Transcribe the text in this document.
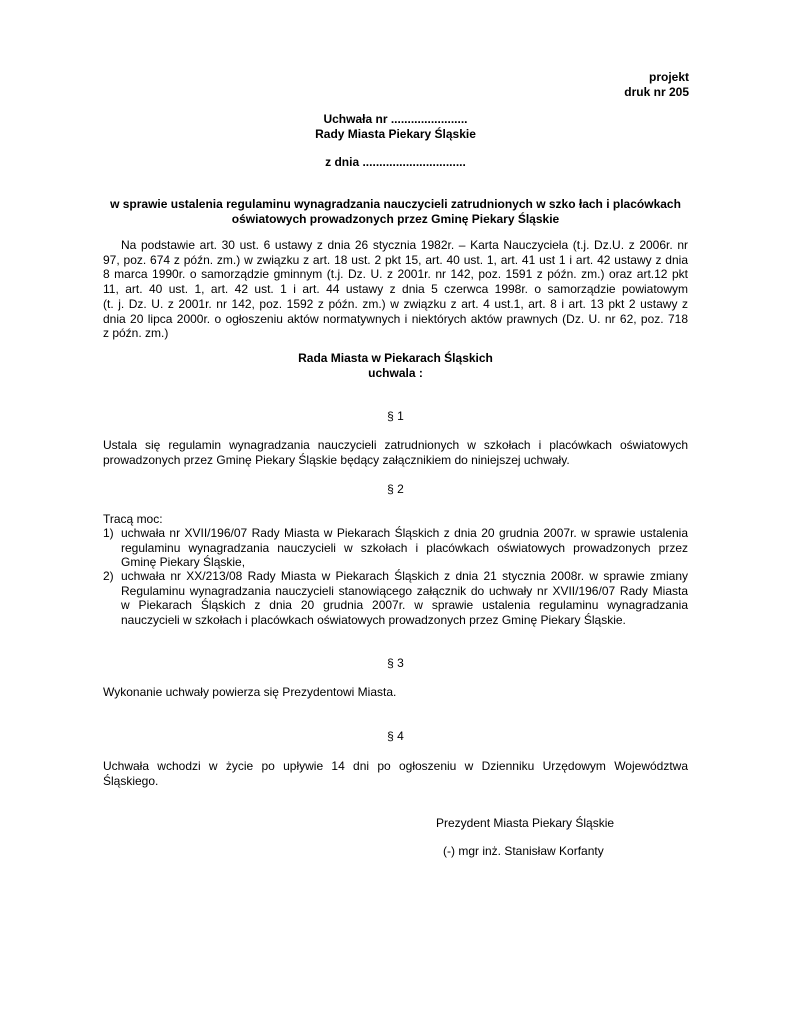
projekt
druk nr 205
Uchwała nr .......................
Rady Miasta Piekary Śląskie
z dnia ...............................
w sprawie ustalenia regulaminu wynagradzania nauczycieli zatrudnionych w szko łach i placówkach
oświatowych prowadzonych przez Gminę Piekary Śląskie
Na podstawie art. 30 ust. 6 ustawy z dnia 26 stycznia 1982r. – Karta Nauczyciela (t.j. Dz.U. z 2006r. nr
97, poz. 674 z późn. zm.) w związku z art. 18 ust. 2 pkt 15, art. 40 ust. 1, art. 41 ust 1 i art. 42 ustawy z dnia
8 marca 1990r. o samorządzie gminnym (t.j. Dz. U. z 2001r. nr 142, poz. 1591 z późn. zm.) oraz art.12 pkt
11, art. 40 ust. 1, art. 42 ust. 1 i art. 44 ustawy z dnia 5 czerwca 1998r. o samorządzie powiatowym
(t. j. Dz. U. z 2001r. nr 142, poz. 1592 z późn. zm.) w związku z art. 4 ust.1, art. 8 i art. 13 pkt 2 ustawy z
dnia 20 lipca 2000r. o ogłoszeniu aktów normatywnych i niektórych aktów prawnych (Dz. U. nr 62, poz. 718
z późn. zm.)
Rada Miasta w Piekarach Śląskich
uchwala :
§ 1
Ustala się regulamin wynagradzania nauczycieli zatrudnionych w szkołach i placówkach oświatowych
prowadzonych przez Gminę Piekary Śląskie będący załącznikiem do niniejszej uchwały.
§ 2
Tracą moc:
1) uchwała nr XVII/196/07 Rady Miasta w Piekarach Śląskich z dnia 20 grudnia 2007r. w sprawie ustalenia
regulaminu wynagradzania nauczycieli w szkołach i placówkach oświatowych prowadzonych przez
Gminę Piekary Śląskie,
2) uchwała nr XX/213/08 Rady Miasta w Piekarach Śląskich z dnia 21 stycznia 2008r. w sprawie zmiany
Regulaminu wynagradzania nauczycieli stanowiącego załącznik do uchwały nr XVII/196/07 Rady Miasta
w Piekarach Śląskich z dnia 20 grudnia 2007r. w sprawie ustalenia regulaminu wynagradzania
nauczycieli w szkołach i placówkach oświatowych prowadzonych przez Gminę Piekary Śląskie.
§ 3
Wykonanie uchwały powierza się Prezydentowi Miasta.
§ 4
Uchwała wchodzi w życie po upływie 14 dni po ogłoszeniu w Dzienniku Urzędowym Województwa
Śląskiego.
Prezydent Miasta Piekary Śląskie
(-) mgr inż. Stanisław Korfanty
